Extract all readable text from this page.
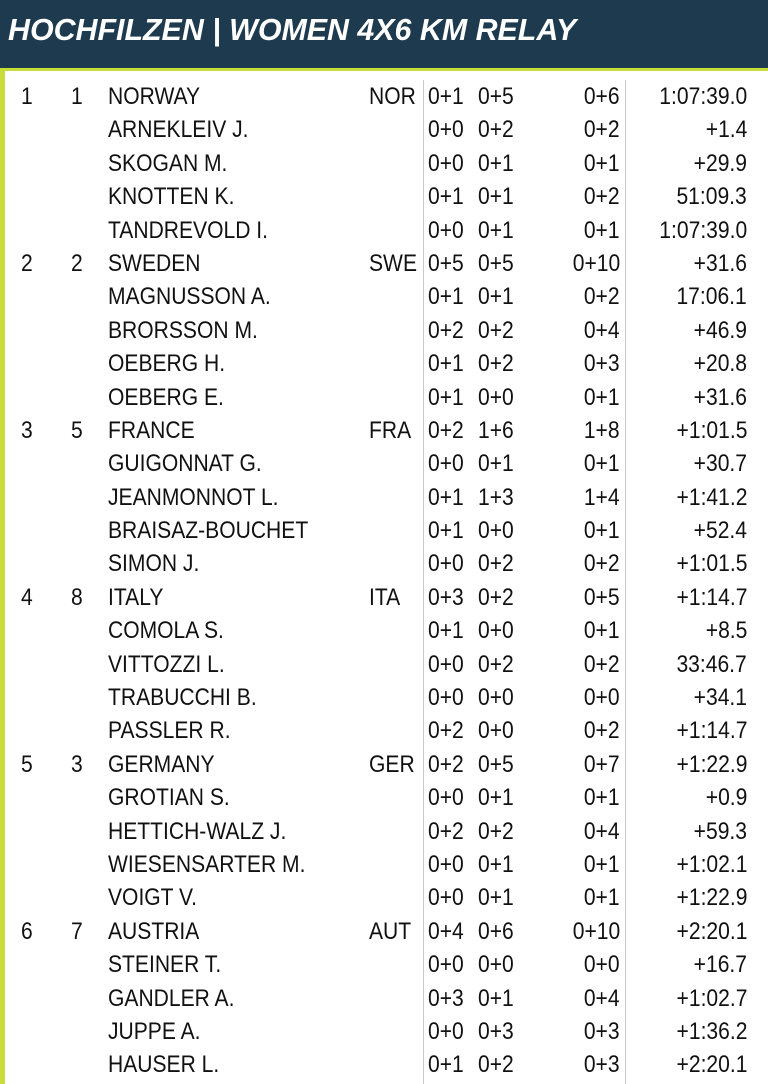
HOCHFILZEN | WOMEN 4X6 KM RELAY
1 1 NORWAY	NOR 0+1 0+5	0+6 1:07:39.0
ARNEKLEIV J.	0+0 0+2	0+2	+1.4
SKOGAN M.	0+0 0+1	0+1	+29.9
KNOTTEN K.	0+1 0+1	0+2 51:09.3
TANDREVOLD I.	0+0 0+1	0+1 1:07:39.0
2 2 SWEDEN	SWE 0+5 0+5 0+10	+31.6
MAGNUSSON A.	0+1 0+1	0+2 17:06.1
BRORSSON M.	0+2 0+2	0+4	+46.9
OEBERG H.	0+1 0+2	0+3	+20.8
OEBERG E.	0+1 0+0	0+1	+31.6
3 5 FRANCE	FRA 0+2 1+6	1+8 +1:01.5
GUIGONNAT G.	0+0 0+1	0+1	+30.7
JEANMONNOT L.	0+1 1+3	1+4 +1:41.2
BRAISAZ-BOUCHET	0+1 0+0	0+1	+52.4
SIMON J.	0+0 0+2	0+2 +1:01.5
4 8 ITALY	ITA 0+3 0+2	0+5 +1:14.7
COMOLA S.	0+1 0+0	0+1	+8.5
VITTOZZI L.	0+0 0+2	0+2 33:46.7
TRABUCCHI B.	0+0 0+0	0+0	+34.1
PASSLER R.	0+2 0+0	0+2 +1:14.7
5 3 GERMANY	GER 0+2 0+5	0+7 +1:22.9
GROTIAN S.	0+0 0+1	0+1	+0.9
HETTICH-WALZ J.	0+2 0+2	0+4	+59.3
WIESENSARTER M.	0+0 0+1	0+1 +1:02.1
VOIGT V.	0+0 0+1	0+1 +1:22.9
6 7 AUSTRIA	AUT 0+4 0+6 0+10 +2:20.1
STEINER T.	0+0 0+0	0+0	+16.7
GANDLER A.	0+3 0+1	0+4 +1:02.7
JUPPE A.	0+0 0+3	0+3 +1:36.2
HAUSER L.	0+1 0+2	0+3 +2:20.1
